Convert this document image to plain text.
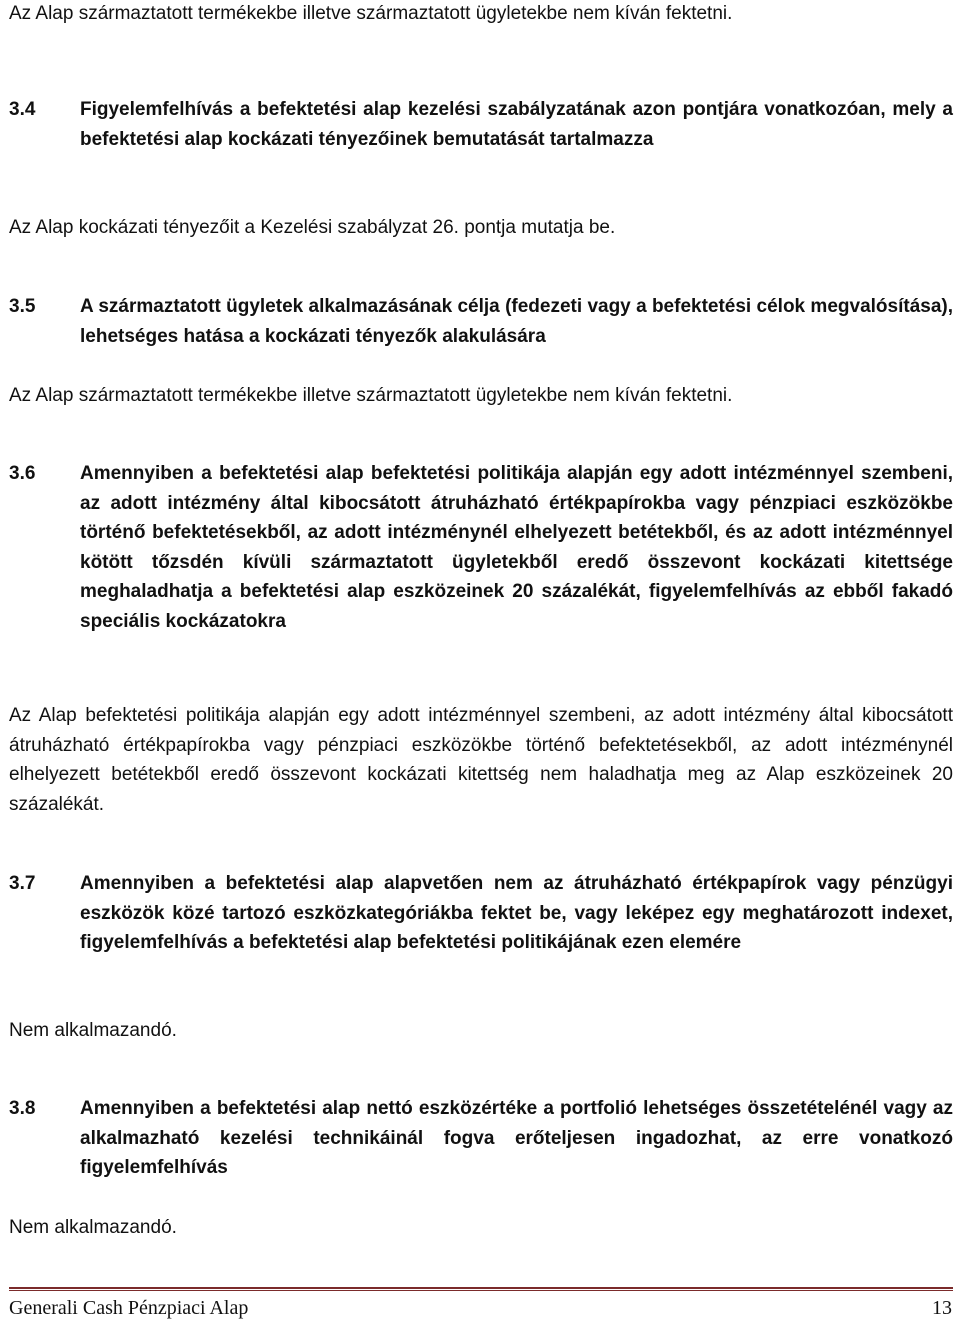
Az Alap származtatott termékekbe illetve származtatott ügyletekbe nem kíván fektetni.

3.4	Figyelemfelhívás a befektetési alap kezelési szabályzatának azon pontjára vonatkozóan, mely a befektetési alap kockázati tényezőinek bemutatását tartalmazza

Az Alap kockázati tényezőit a Kezelési szabályzat 26. pontja mutatja be.

3.5	A származtatott ügyletek alkalmazásának célja (fedezeti vagy a befektetési célok megvalósítása), lehetséges hatása a kockázati tényezők alakulására

Az Alap származtatott termékekbe illetve származtatott ügyletekbe nem kíván fektetni.

3.6	Amennyiben a befektetési alap befektetési politikája alapján egy adott intézménnyel szembeni, az adott intézmény által kibocsátott átruházható értékpapírokba vagy pénzpiaci eszközökbe történő befektetésekből, az adott intézménynél elhelyezett betétekből, és az adott intézménnyel kötött tőzsdén kívüli származtatott ügyletekből eredő összevont kockázati kitettsége meghaladhatja a befektetési alap eszközeinek 20 százalékát, figyelemfelhívás az ebből fakadó speciális kockázatokra

Az Alap befektetési politikája alapján egy adott intézménnyel szembeni, az adott intézmény által kibocsátott átruházható értékpapírokba vagy pénzpiaci eszközökbe történő befektetésekből, az adott intézménynél elhelyezett betétekből eredő összevont kockázati kitettség nem haladhatja meg az Alap eszközeinek 20 százalékát.

3.7	Amennyiben a befektetési alap alapvetően nem az átruházható értékpapírok vagy pénzügyi eszközök közé tartozó eszközkategóriákba fektet be, vagy leképez egy meghatározott indexet, figyelemfelhívás a befektetési alap befektetési politikájának ezen elemére

Nem alkalmazandó.

3.8	Amennyiben a befektetési alap nettó eszközértéke a portfolió lehetséges összetételénél vagy az alkalmazható kezelési technikáinál fogva erőteljesen ingadozhat, az erre vonatkozó figyelemfelhívás

Nem alkalmazandó.

Generali Cash Pénzpiaci Alap	13
